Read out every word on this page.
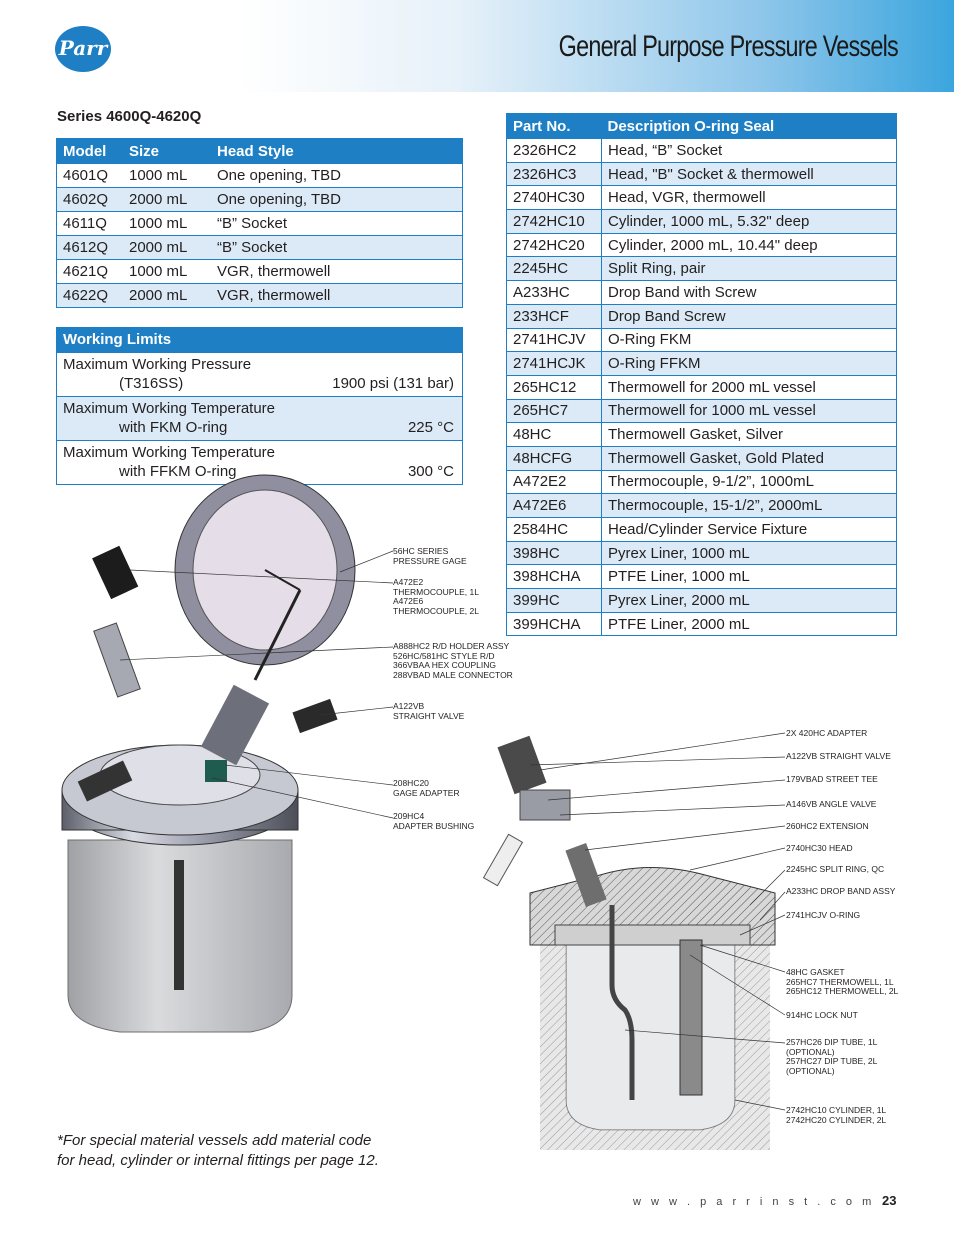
Parr	General Purpose Pressure Vessels
Series 4600Q-4620Q
Model	Size	Head Style
4601Q	1000 mL	One opening, TBD
4602Q	2000 mL	One opening, TBD
4611Q	1000 mL	“B” Socket
4612Q	2000 mL	“B” Socket
4621Q	1000 mL	VGR, thermowell
4622Q	2000 mL	VGR, thermowell
Working Limits
Maximum Working Pressure
(T316SS)	1900 psi (131 bar)
Maximum Working Temperature
with FKM O-ring	225 °C
Maximum Working Temperature
with FFKM O-ring	300 °C
Part No.	Description O-ring Seal
2326HC2	Head, “B” Socket
2326HC3	Head, "B" Socket & thermowell
2740HC30	Head, VGR, thermowell
2742HC10	Cylinder, 1000 mL, 5.32" deep
2742HC20	Cylinder, 2000 mL, 10.44" deep
2245HC	Split Ring, pair
A233HC	Drop Band with Screw
233HCF	Drop Band Screw
2741HCJV	O-Ring FKM
2741HCJK	O-Ring FFKM
265HC12	Thermowell for 2000 mL vessel
265HC7	Thermowell for 1000 mL vessel
48HC	Thermowell Gasket, Silver
48HCFG	Thermowell Gasket, Gold Plated
A472E2	Thermocouple, 9-1/2”, 1000mL
A472E6	Thermocouple, 15-1/2”, 2000mL
2584HC	Head/Cylinder Service Fixture
398HC	Pyrex Liner, 1000 mL
398HCHA	PTFE Liner, 1000 mL
399HC	Pyrex Liner, 2000 mL
399HCHA	PTFE Liner, 2000 mL
56HC SERIES
PRESSURE GAGE
A472E2
THERMOCOUPLE, 1L
A472E6
THERMOCOUPLE, 2L
A888HC2 R/D HOLDER ASSY
526HC/581HC STYLE R/D
366VBAA HEX COUPLING
288VBAD MALE CONNECTOR
A122VB
STRAIGHT VALVE
208HC20
GAGE ADAPTER
209HC4
ADAPTER BUSHING
2X 420HC ADAPTER
A122VB STRAIGHT VALVE
179VBAD STREET TEE
A146VB ANGLE VALVE
260HC2 EXTENSION
2740HC30 HEAD
2245HC SPLIT RING, QC
A233HC DROP BAND ASSY
2741HCJV O-RING
48HC GASKET
265HC7 THERMOWELL, 1L
265HC12 THERMOWELL, 2L
914HC LOCK NUT
257HC26 DIP TUBE, 1L
(OPTIONAL)
257HC27 DIP TUBE, 2L
(OPTIONAL)
2742HC10 CYLINDER, 1L
2742HC20 CYLINDER, 2L
*For special material vessels add material code
for head, cylinder or internal fittings per page 12.
w w w . p a r r i n s t . c o m 23
